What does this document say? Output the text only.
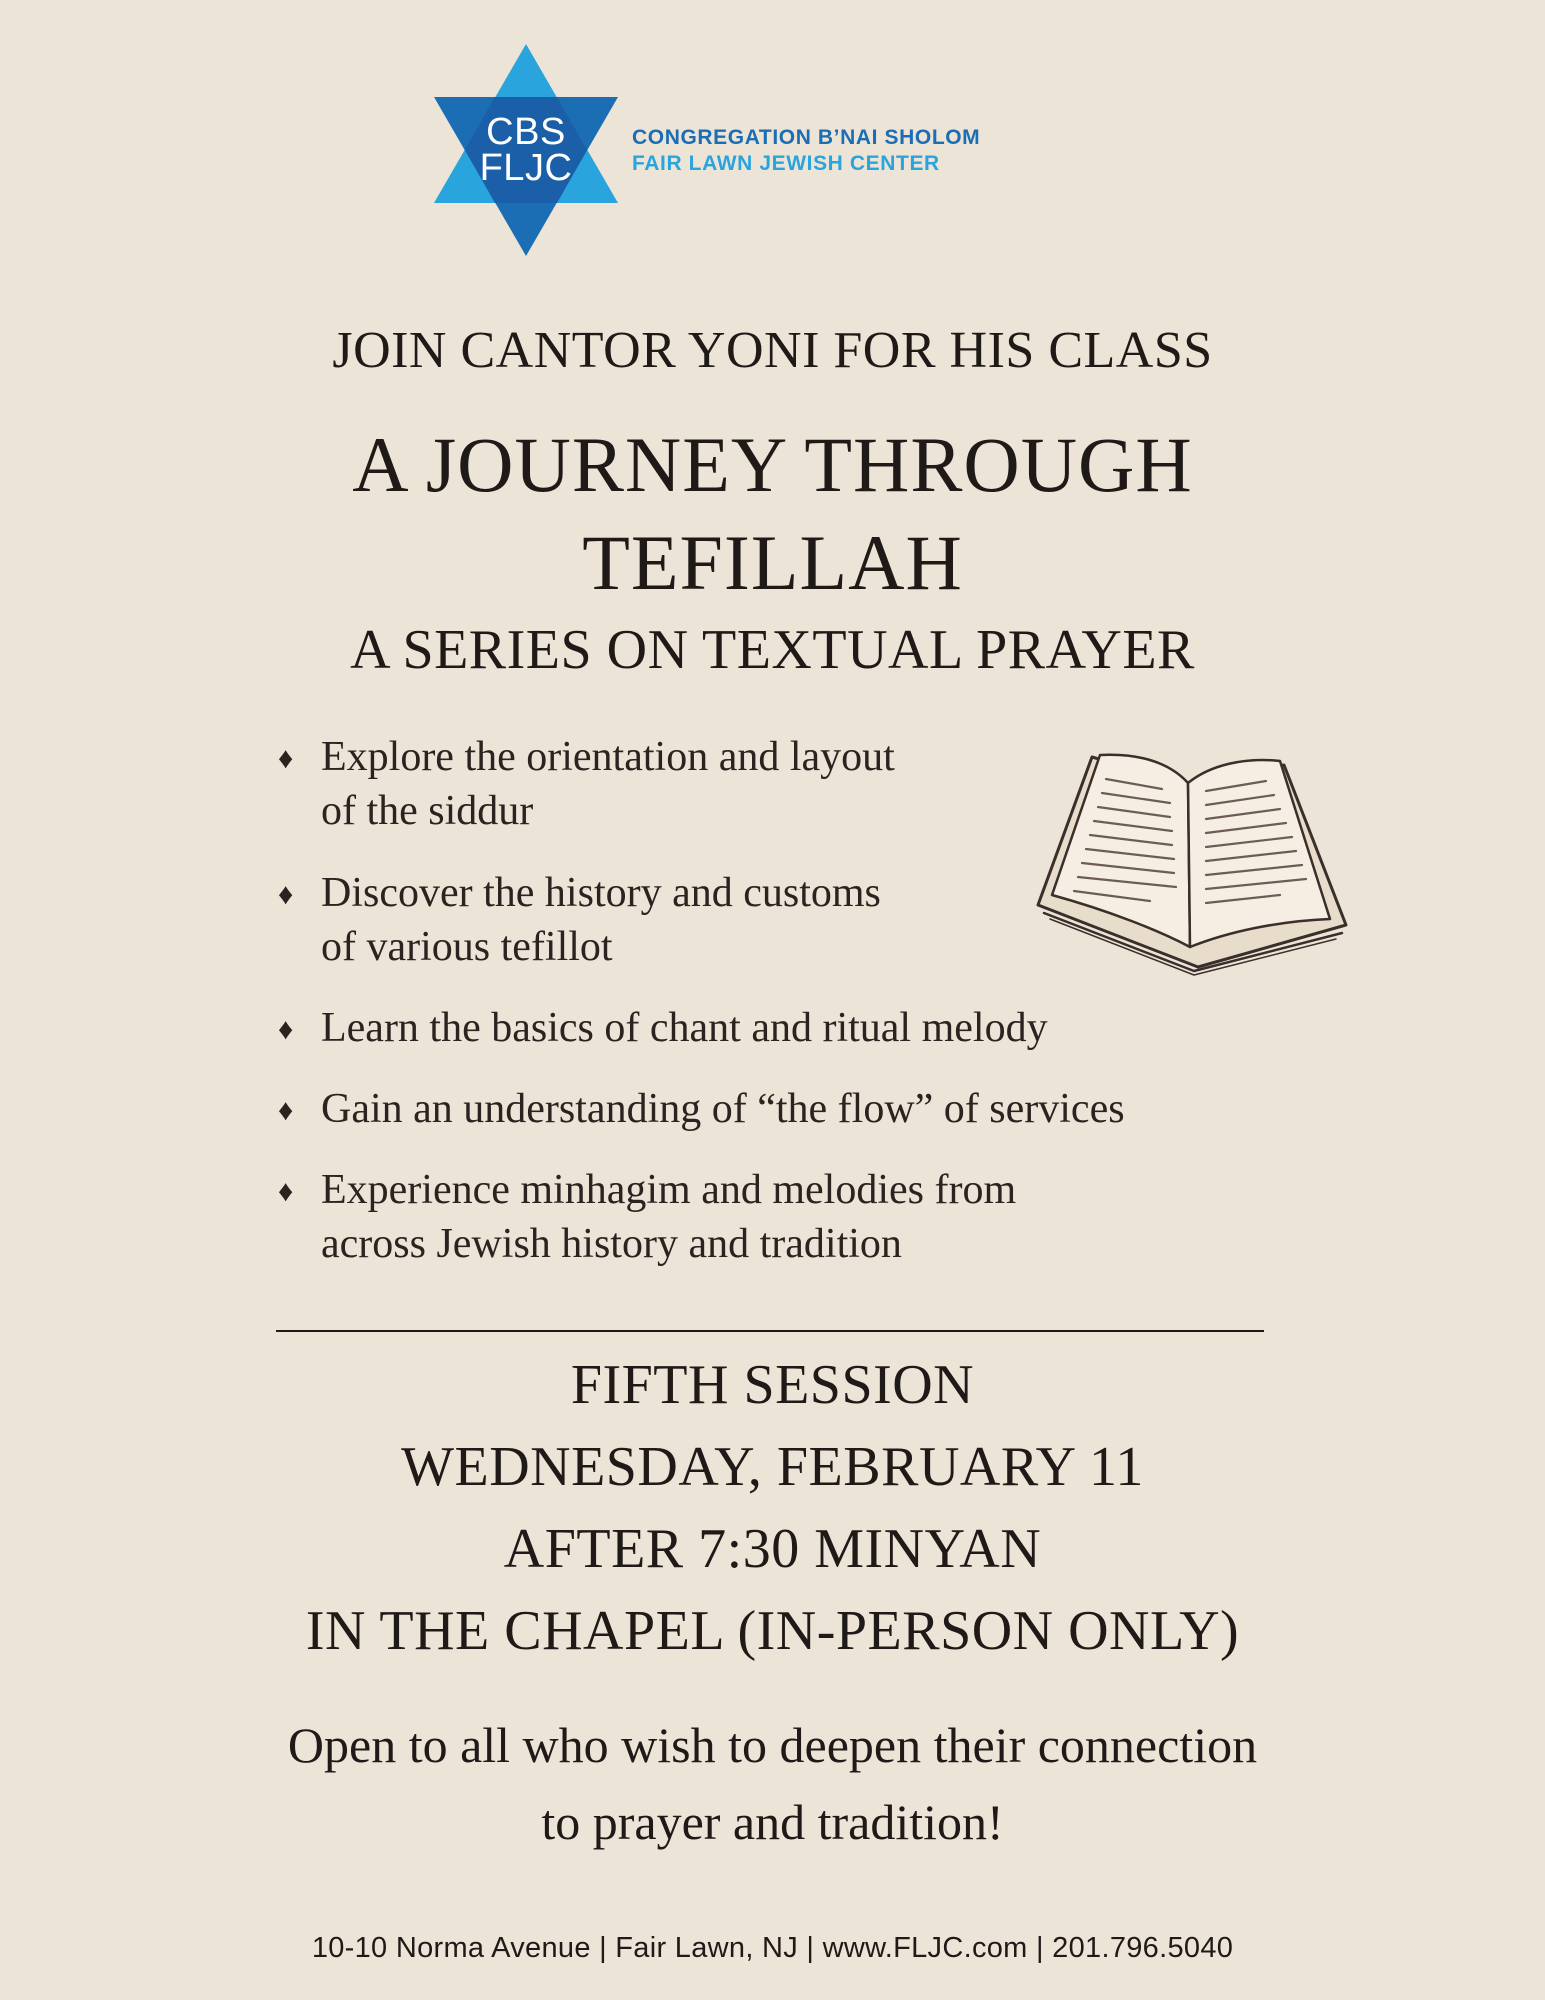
CBS
FLJC
CONGREGATION B’NAI SHOLOM
FAIR LAWN JEWISH CENTER
JOIN CANTOR YONI FOR HIS CLASS
A JOURNEY THROUGH
TEFILLAH
A SERIES ON TEXTUAL PRAYER
♦ Explore the orientation and layout
of the siddur
♦ Discover the history and customs
of various tefillot
♦ Learn the basics of chant and ritual melody
♦ Gain an understanding of “the flow” of services
♦ Experience minhagim and melodies from
across Jewish history and tradition
FIFTH SESSION
WEDNESDAY, FEBRUARY 11
AFTER 7:30 MINYAN
IN THE CHAPEL (IN-PERSON ONLY)
Open to all who wish to deepen their connection
to prayer and tradition!
10-10 Norma Avenue | Fair Lawn, NJ | www.FLJC.com | 201.796.5040
